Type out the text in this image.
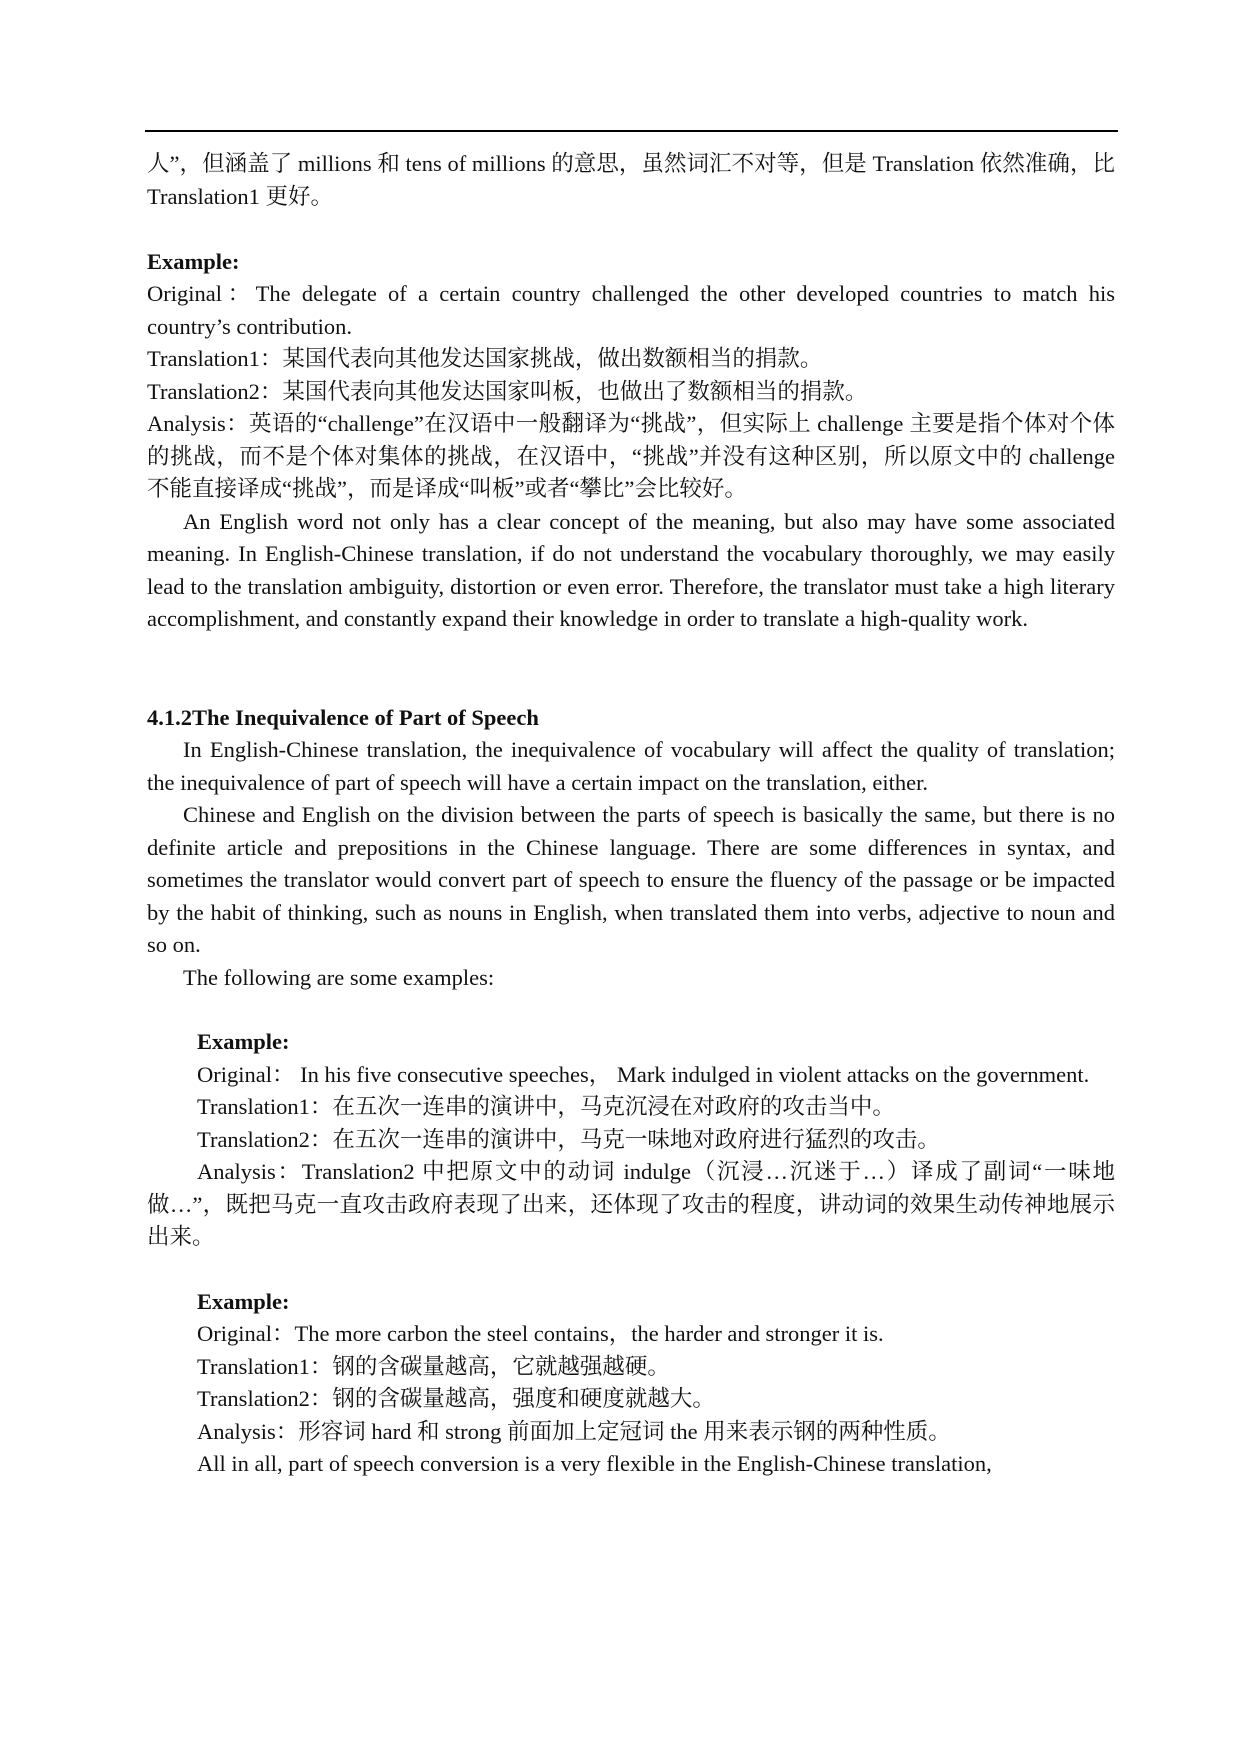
人”，但涵盖了 millions 和 tens of millions 的意思，虽然词汇不对等，但是 Translation 依然准确，比 Translation1 更好。

Example:

Original：The delegate of a certain country challenged the other developed countries to match his country’s contribution.

Translation1：某国代表向其他发达国家挑战，做出数额相当的捐款。

Translation2：某国代表向其他发达国家叫板，也做出了数额相当的捐款。

Analysis：英语的“challenge”在汉语中一般翻译为“挑战”，但实际上 challenge 主要是指个体对个体的挑战，而不是个体对集体的挑战，在汉语中，“挑战”并没有这种区别，所以原文中的 challenge 不能直接译成“挑战”，而是译成“叫板”或者“攀比”会比较好。

An English word not only has a clear concept of the meaning, but also may have some associated meaning. In English-Chinese translation, if do not understand the vocabulary thoroughly, we may easily lead to the translation ambiguity, distortion or even error. Therefore, the translator must take a high literary accomplishment, and constantly expand their knowledge in order to translate a high-quality work.

4.1.2The Inequivalence of Part of Speech

In English-Chinese translation, the inequivalence of vocabulary will affect the quality of translation; the inequivalence of part of speech will have a certain impact on the translation, either.

Chinese and English on the division between the parts of speech is basically the same, but there is no definite article and prepositions in the Chinese language. There are some differences in syntax, and sometimes the translator would convert part of speech to ensure the fluency of the passage or be impacted by the habit of thinking, such as nouns in English, when translated them into verbs, adjective to noun and so on.

The following are some examples:

Example:

Original： In his five consecutive speeches， Mark indulged in violent attacks on the government.

Translation1：在五次一连串的演讲中，马克沉浸在对政府的攻击当中。

Translation2：在五次一连串的演讲中，马克一味地对政府进行猛烈的攻击。

Analysis：Translation2 中把原文中的动词 indulge（沉浸…沉迷于…）译成了副词“一味地做…”，既把马克一直攻击政府表现了出来，还体现了攻击的程度，讲动词的效果生动传神地展示出来。

Example:

Original：The more carbon the steel contains，the harder and stronger it is.

Translation1：钢的含碳量越高，它就越强越硬。

Translation2：钢的含碳量越高，强度和硬度就越大。

Analysis：形容词 hard 和 strong 前面加上定冠词 the 用来表示钢的两种性质。

All in all, part of speech conversion is a very flexible in the English-Chinese translation,
